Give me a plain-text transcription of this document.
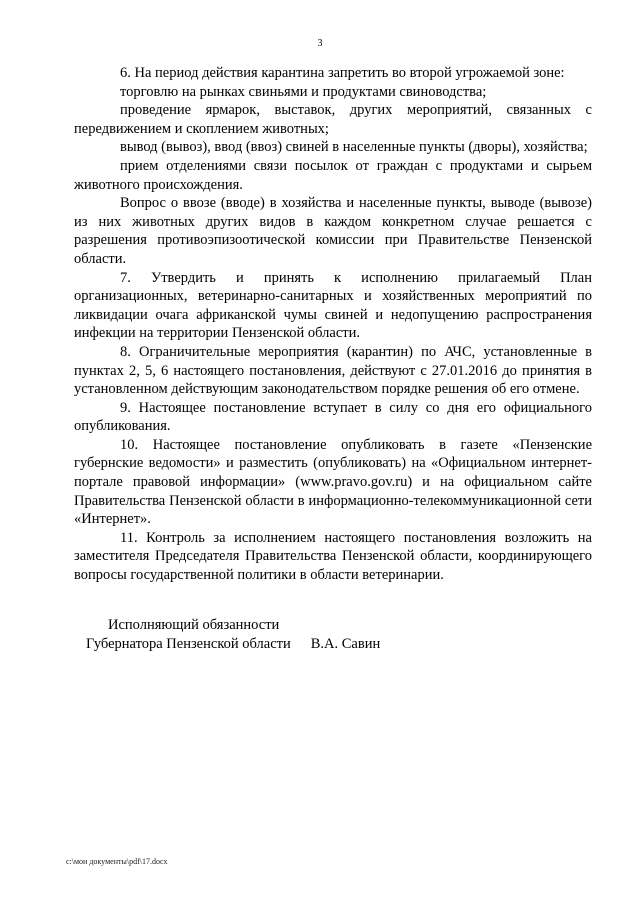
3

6. На период действия карантина запретить во второй угрожаемой зоне:

торговлю на рынках свиньями и продуктами свиноводства;

проведение ярмарок, выставок, других мероприятий, связанных с передвижением и скоплением животных;

вывод (вывоз), ввод (ввоз) свиней в населенные пункты (дворы), хозяйства;

прием отделениями связи посылок от граждан с продуктами и сырьем животного происхождения.

Вопрос о ввозе (вводе) в хозяйства и населенные пункты, выводе (вывозе) из них животных других видов в каждом конкретном случае решается с разрешения противоэпизоотической комиссии при Правительстве Пензенской области.

7. Утвердить и принять к исполнению прилагаемый План организационных, ветеринарно-санитарных и хозяйственных мероприятий по ликвидации очага африканской чумы свиней и недопущению распространения инфекции на территории Пензенской области.

8. Ограничительные мероприятия (карантин) по АЧС, установленные в пунктах 2, 5, 6 настоящего постановления, действуют с 27.01.2016 до принятия в установленном действующим законодательством порядке решения об его отмене.

9. Настоящее постановление вступает в силу со дня его официального опубликования.

10. Настоящее постановление опубликовать в газете «Пензенские губернские ведомости» и разместить (опубликовать) на «Официальном интернет-портале правовой информации» (www.pravo.gov.ru) и на официальном сайте Правительства Пензенской области в информационно-телекоммуникационной сети «Интернет».

11. Контроль за исполнением настоящего постановления возложить на заместителя Председателя Правительства Пензенской области, координирующего вопросы государственной политики в области ветеринарии.

Исполняющий обязанности
Губернатора Пензенской области В.А. Савин
c:\мои документы\pdf\17.docx
